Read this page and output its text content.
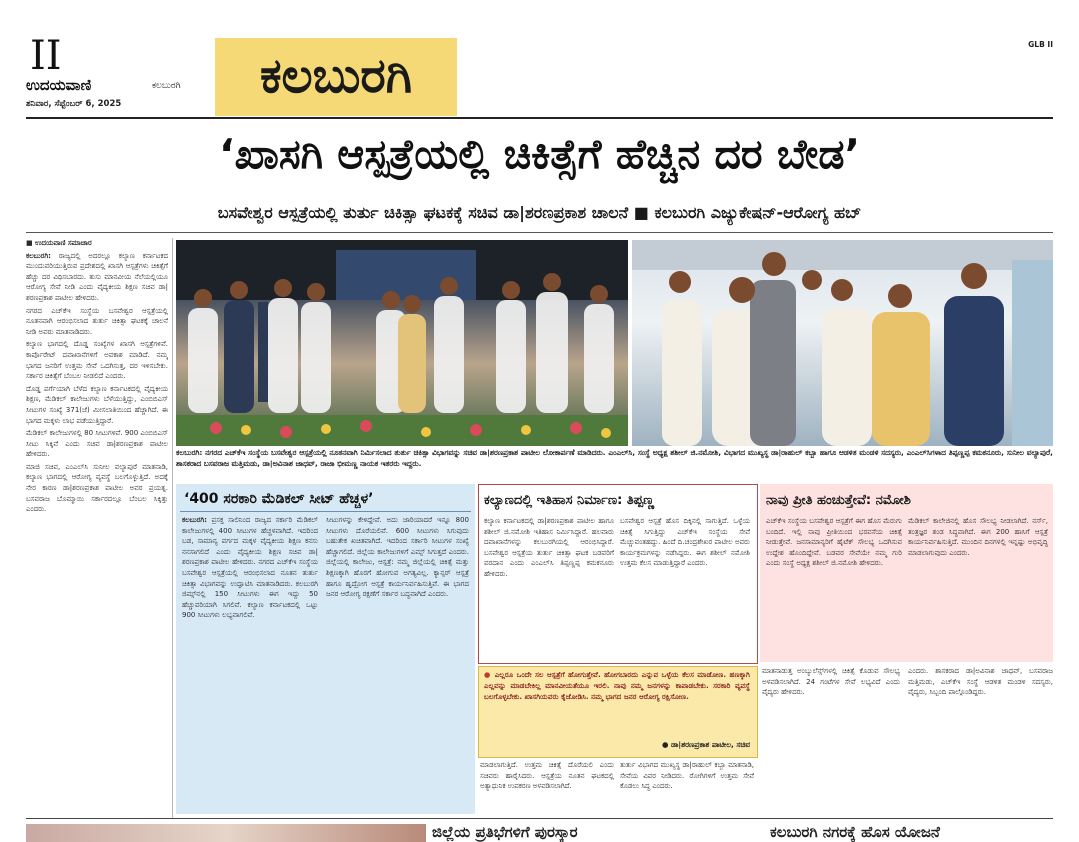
II
ಉದಯವಾಣಿ	ಕಲಬುರಗಿ
ಶನಿವಾರ, ಸೆಪ್ಟೆಂಬರ್ 6, 2025	ಕಲಬುರಗಿ
GLB II
‘ಖಾಸಗಿ ಆಸ್ಪತ್ರೆಯಲ್ಲಿ ಚಿಕಿತ್ಸೆಗೆ ಹೆಚ್ಚಿನ ದರ ಬೇಡ’
ಬಸವೇಶ್ವರ ಆಸ್ಪತ್ರೆಯಲ್ಲಿ ತುರ್ತು ಚಿಕಿತ್ಸಾ ಘಟಕಕ್ಕೆ ಸಚಿವ ಡಾ|ಶರಣಪ್ರಕಾಶ ಚಾಲನೆ ■ ಕಲಬುರಗಿ ಎಜ್ಯುಕೇಷನ್-ಆರೋಗ್ಯ ಹಬ್

■ ಉದಯವಾಣಿ ಸಮಾಚಾರ

ಕಲಬುರಗಿ: ರಾಜ್ಯದಲ್ಲಿ ಅದರಲ್ಲೂ ಕಲ್ಯಾಣ ಕರ್ನಾಟಕದ ಮುಂದುವರಿಯುತ್ತಿರುವ ಪ್ರದೇಶದಲ್ಲಿ ಖಾಸಗಿ ಆಸ್ಪತ್ರೆಗಳು ಚಿಕಿತ್ಸೆಗೆ ಹೆಚ್ಚು ದರ ವಿಧಿಸಬಾರದು. ತುಸು ಮಾನವೀಯ ನೆಲೆಯಲ್ಲಿಯೂ ಆರೋಗ್ಯ ಸೇವೆ ನೀಡಿ ಎಂದು ವೈದ್ಯಕೀಯ ಶಿಕ್ಷಣ ಸಚಿವ ಡಾ|ಶರಣಪ್ರಕಾಶ ಪಾಟೀಲ ಹೇಳಿದರು.

ನಗರದ ಎಚ್‌ಕೆಇ ಸಂಸ್ಥೆಯ ಬಸವೇಶ್ವರ ಆಸ್ಪತ್ರೆಯಲ್ಲಿ ನೂತನವಾಗಿ ಆರಂಭಿಸಲಾದ ತುರ್ತು ಚಿಕಿತ್ಸಾ ಘಟಕಕ್ಕೆ ಚಾಲನೆ ನೀಡಿ ಅವರು ಮಾತನಾಡಿದರು.

ಕಲ್ಯಾಣ ಭಾಗದಲ್ಲಿ ದೊಡ್ಡ ಸಂಖ್ಯೆಗಳ ಖಾಸಗಿ ಆಸ್ಪತ್ರೆಗಳಿವೆ. ಕಾರ್ಪೊರೇಟ್ ದವಾಖಾನೆಗಳಿಗೆ ಅವಕಾಶ ಮಾಡಿದೆ. ನಮ್ಮ ಭಾಗದ ಜನರಿಗೆ ಉತ್ತಮ ಸೇವೆ ಒದಗಿಸುತ್ತ, ದರ ಇಳಿಸಬೇಕು. ಸರ್ಕಾರ ಚಿಕಿತ್ಸೆಗೆ ಬೆಂಬಲ ನೀಡಲಿದೆ ಎಂದರು.

ದೊಡ್ಡ ಪರ್ಗೆಯಾಗಿ ಬೆಳೆದ ಕಲ್ಯಾಣ ಕರ್ನಾಟಕದಲ್ಲಿ ವೈದ್ಯಕೀಯ ಶಿಕ್ಷಣ, ಮೆಡಿಕಲ್ ಕಾಲೇಜುಗಳು ಬೆಳೆಯುತ್ತಿದ್ದು, ಎಂಬಿಬಿಎಸ್ ಸೀಟುಗಳ ಸಂಖ್ಯೆ 371(ಜೆ) ಮೀಸಲಾತಿಯಿಂದ ಹೆಚ್ಚಾಗಿದೆ. ಈ ಭಾಗದ ಮಕ್ಕಳು ಲಾಭ ಪಡೆಯುತ್ತಿದ್ದಾರೆ.

ಮೆಡಿಕಲ್ ಕಾಲೇಜುಗಳಲ್ಲಿ 80 ಸೀಟುಗಳಿವೆ. 900 ಎಂಬಿಬಿಎಸ್ ಸೀಟು ಸಿಕ್ಕಿವೆ ಎಂದು ಸಚಿವ ಡಾ|ಶರಣಪ್ರಕಾಶ ಪಾಟೀಲ ಹೇಳಿದರು.

ಮಾಜಿ ಸಚಿವ, ಎಂಎಲ್‌ಸಿ ಸುನೀಲ ವಲ್ಯಾಪುರೆ ಮಾತನಾಡಿ, ಕಲ್ಯಾಣ ಭಾಗದಲ್ಲಿ ಆರೋಗ್ಯ ವ್ಯವಸ್ಥೆ ಬಲಗೊಳ್ಳುತ್ತಿದೆ. ಅದಕ್ಕೆ ನೇರ ಕಾರಣ ಡಾ|ಶರಣಪ್ರಕಾಶ ಪಾಟೀಲ ಅವರ ಪ್ರಯತ್ನ. ಬಸವರಾಜ ಬೊಮ್ಮಾಯಿ ಸರ್ಕಾರದಲ್ಲೂ ಬೆಂಬಲ ಸಿಕ್ಕಿತ್ತು ಎಂದರು.

ಕಲಬುರಗಿ: ನಗರದ ಎಚ್‌ಕೆಇ ಸಂಸ್ಥೆಯ ಬಸವೇಶ್ವರ ಆಸ್ಪತ್ರೆಯಲ್ಲಿ ನೂತನವಾಗಿ ನಿರ್ಮಿಸಲಾದ ತುರ್ತು ಚಿಕಿತ್ಸಾ ವಿಭಾಗವನ್ನು ಸಚಿವ ಡಾ|ಶರಣಪ್ರಕಾಶ ಪಾಟೀಲ ಲೋಕಾರ್ಪಣೆ ಮಾಡಿದರು. ಎಂಎಲ್‌ಸಿ, ಸಂಸ್ಥೆ ಅಧ್ಯಕ್ಷ ಶಶೀಲ್ ಜಿ.ನಮೋಶಿ, ವಿಭಾಗದ ಮುಖ್ಯಸ್ಥ ಡಾ|ರಾಹುಲ್ ಕಬ್ಬಾ ಹಾಗೂ ಆಡಳಿತ ಮಂಡಳಿ ಸದಸ್ಯರು, ಎಂಎಲ್‌ಸಿಗಳಾದ ತಿಪ್ಪಣ್ಣಪ್ಪ ಕಮಕನೂರು, ಸುನೀಲ ವಲ್ಯಾಪುರೆ, ಶಾಸಕರಾದ ಬಸವರಾಜ ಮತ್ತಿಮಡು, ಡಾ|ಅವಿನಾಶ ಜಾಧವ್, ರಾಜಾ ಭೀಮಣ್ಣ ನಾಯಕ ಇತರರು ಇದ್ದರು.
‘400 ಸರಕಾರಿ ಮೆಡಿಕಲ್ ಸೀಟ್ ಹೆಚ್ಚಳ’
ಕಲಬುರಗಿ: ಪ್ರಸಕ್ತ ಸಾಲಿನಿಂದ ರಾಜ್ಯದ ಸರ್ಕಾರಿ ಮೆಡಿಕಲ್ ಕಾಲೇಜುಗಳಲ್ಲಿ 400 ಸೀಟುಗಳ ಹೆಚ್ಚಳವಾಗಿದೆ. ಇದರಿಂದ ಬಡ, ಸಾಮಾನ್ಯ ವರ್ಗದ ಮಕ್ಕಳ ವೈದ್ಯಕೀಯ ಶಿಕ್ಷಣ ಕನಸು ನನಸಾಗಲಿದೆ ಎಂದು ವೈದ್ಯಕೀಯ ಶಿಕ್ಷಣ ಸಚಿವ ಡಾ|ಶರಣಪ್ರಕಾಶ ಪಾಟೀಲ ಹೇಳಿದರು. ನಗರದ ಎಚ್‌ಕೆಇ ಸಂಸ್ಥೆಯ ಬಸವೇಶ್ವರ ಆಸ್ಪತ್ರೆಯಲ್ಲಿ ಆರಂಭಿಸಲಾದ ನೂತನ ತುರ್ತು ಚಿಕಿತ್ಸಾ ವಿಭಾಗವನ್ನು ಉದ್ಘಾಟಿಸಿ ಮಾತನಾಡಿದರು. ಕಲಬುರಗಿ ಜಿಮ್ಸ್‌ನಲ್ಲಿ 150 ಸೀಟುಗಳು ಈಗ ಇದ್ದು 50 ಹೆಚ್ಚುವರಿಯಾಗಿ ಸಿಗಲಿವೆ. ಕಲ್ಯಾಣ ಕರ್ನಾಟಕದಲ್ಲಿ ಒಟ್ಟು 900 ಸೀಟುಗಳು ಲಭ್ಯವಾಗಲಿವೆ.
ಸೀಟುಗಳನ್ನು ಕೇಳಿದ್ದೇವೆ. ಅದು ಜಾರಿಯಾದರೆ ಇನ್ನೂ 800 ಸೀಟುಗಳು ದೊರೆಯಲಿವೆ. 600 ಸೀಟುಗಳು ಸಿಗುವುದು ಬಹುತೇಕ ಖಚಿತವಾಗಿದೆ. ಇದರಿಂದ ಸರ್ಕಾರಿ ಸೀಟುಗಳ ಸಂಖ್ಯೆ ಹೆಚ್ಚಾಗಲಿದೆ. ಜಿಲ್ಲೆಯ ಕಾಲೇಜುಗಳಿಗೆ ಎಮ್ಸ್ ಸಿಗುತ್ತದೆ ಎಂದರು. ಜಿಲ್ಲೆಯಲ್ಲಿ ಕಾಲೇಜು, ಆಸ್ಪತ್ರೆ: ನಮ್ಮ ಜಿಲ್ಲೆಯಲ್ಲಿ ಚಿಕಿತ್ಸೆ ಮತ್ತು ಶಿಕ್ಷಣಕ್ಕಾಗಿ ಹೊರಗೆ ಹೋಗುವ ಅಗತ್ಯವಿಲ್ಲ. ಕ್ಯಾನ್ಸರ್ ಆಸ್ಪತ್ರೆ ಹಾಗೂ ಹೃದ್ರೋಗ ಆಸ್ಪತ್ರೆ ಕಾರ್ಯನಿರ್ವಹಿಸುತ್ತಿವೆ. ಈ ಭಾಗದ ಜನರ ಆರೋಗ್ಯ ರಕ್ಷಣೆಗೆ ಸರ್ಕಾರ ಬದ್ಧವಾಗಿದೆ ಎಂದರು.
ಕಲ್ಯಾಣದಲ್ಲಿ ಇತಿಹಾಸ ನಿರ್ಮಾಣ: ತಿಪ್ಪಣ್ಣ
ಕಲ್ಯಾಣ ಕರ್ನಾಟಕದಲ್ಲಿ ಡಾ|ಶರಣಪ್ರಕಾಶ ಪಾಟೀಲ ಹಾಗೂ ಶಶೀಲ್ ಜಿ.ನಮೋಶಿ ಇತಿಹಾಸ ನಿರ್ಮಿಸಿದ್ದಾರೆ. ಹಲವಾರು ದವಾಖಾನೆಗಳನ್ನು ಕಲಬುರಗಿಯಲ್ಲಿ ಆರಂಭಿಸಿದ್ದಾರೆ. ಬಸವೇಶ್ವರ ಆಸ್ಪತ್ರೆಯ ತುರ್ತು ಚಿಕಿತ್ಸಾ ಘಟಕ ಬಡವರಿಗೆ ವರದಾನ ಎಂದು ಎಂಎಲ್‌ಸಿ ತಿಪ್ಪಣ್ಣಪ್ಪ ಕಮಕನೂರು ಹೇಳಿದರು.
ಬಸವೇಶ್ವರ ಆಸ್ಪತ್ರೆ ಹೊಸ ದಿಕ್ಕಿನಲ್ಲಿ ಸಾಗುತ್ತಿದೆ. ಒಳ್ಳೆಯ ಚಿಕಿತ್ಸೆ ಸಿಗುತ್ತಿದ್ದು ಎಚ್‌ಕೆಇ ಸಂಸ್ಥೆಯ ಸೇವೆ ಮೆಚ್ಚುವಂತಹದ್ದು. ಹಿಂದೆ ದಿ.ಚಂದ್ರಶೇಖರ ಪಾಟೀಲ ಅವರು ಕಾರ್ಯಕ್ರಮಗಳನ್ನು ನಡೆಸಿದ್ದರು. ಈಗ ಶಶೀಲ್ ನಮೋಶಿ ಉತ್ತಮ ಕೆಲಸ ಮಾಡುತ್ತಿದ್ದಾರೆ ಎಂದರು.
ನಾವು ಪ್ರೀತಿ ಹಂಚುತ್ತೇವೆ: ನಮೋಶಿ
ಎಚ್‌ಕೆಇ ಸಂಸ್ಥೆಯ ಬಸವೇಶ್ವರ ಆಸ್ಪತ್ರೆಗೆ ಈಗ ಹೊಸ ಮೆರುಗು ಬಂದಿದೆ. ಇಲ್ಲಿ ನಾವು ಪ್ರೀತಿಯಿಂದ ಭರವಸೆಯ ಚಿಕಿತ್ಸೆ ನೀಡುತ್ತೇವೆ. ಜನಸಾಮಾನ್ಯರಿಗೆ ಹೈಟೆಕ್ ಸೌಲಭ್ಯ ಒದಗಿಸುವ ಉದ್ದೇಶ ಹೊಂದಿದ್ದೇವೆ. ಬಡವರ ಸೇವೆಯೇ ನಮ್ಮ ಗುರಿ ಎಂದು ಸಂಸ್ಥೆ ಅಧ್ಯಕ್ಷ ಶಶೀಲ್ ಜಿ.ನಮೋಶಿ ಹೇಳಿದರು.
ಮೆಡಿಕಲ್ ಕಾಲೇಜಿನಲ್ಲಿ ಹೊಸ ಸೌಲಭ್ಯ ನೀಡಲಾಗಿದೆ. ನರ್ಸ್, ತಂತ್ರಜ್ಞರ ತಂಡ ಸಿದ್ಧವಾಗಿದೆ. ಈಗ 200 ಹಾಸಿಗೆ ಆಸ್ಪತ್ರೆ ಕಾರ್ಯನಿರ್ವಹಿಸುತ್ತಿದೆ. ಮುಂದಿನ ದಿನಗಳಲ್ಲಿ ಇನ್ನಷ್ಟು ಅಭಿವೃದ್ಧಿ ಮಾಡಲಾಗುವುದು ಎಂದರು.
● ಎಲ್ಲರೂ ಒಂದೇ ಸಲ ಆಸ್ಪತ್ರೆಗೆ ಹೋಗುತ್ತೇವೆ. ಹೋಗಬಾರದು ಎನ್ನುವ ಒಳ್ಳೆಯ ಕೆಲಸ ಮಾಡೋಣ. ಹಣಕ್ಕಾಗಿ ಎಲ್ಲವನ್ನು ಮಾಡಬೇಕಿಲ್ಲ ಮಾನವೀಯತೆಯೂ ಇರಲಿ. ನಾವು ನಮ್ಮ ಜನಗಳನ್ನು ಕಾಪಾಡಬೇಕು. ಸರಕಾರಿ ವ್ಯವಸ್ಥೆ ಬಲಗೊಳ್ಳಬೇಕು. ಖಾಸಗಿಯವರು ಕೈಜೋಡಿಸಿ. ನಮ್ಮ ಭಾಗದ ಜನರ ಆರೋಗ್ಯ ರಕ್ಷಿಸೋಣ.
● ಡಾ|ಶರಣಪ್ರಕಾಶ ಪಾಟೀಲ, ಸಚಿವ
ಮಾಡಲಾಗುತ್ತಿದೆ. ಉತ್ತಮ ಚಿಕಿತ್ಸೆ ದೊರೆಯಲಿ ಎಂದು ಸಚಿವರು ಹಾರೈಸಿದರು. ಆಸ್ಪತ್ರೆಯ ನೂತನ ಘಟಕದಲ್ಲಿ ಅತ್ಯಾಧುನಿಕ ಉಪಕರಣ ಅಳವಡಿಸಲಾಗಿದೆ.
ತುರ್ತು ವಿಭಾಗದ ಮುಖ್ಯಸ್ಥ ಡಾ|ರಾಹುಲ್ ಕಬ್ಬಾ ಮಾತನಾಡಿ, ಸೇವೆಯ ವಿವರ ನೀಡಿದರು. ರೋಗಿಗಳಿಗೆ ಉತ್ತಮ ಸೇವೆ ಕೊಡಲು ಸಿದ್ಧ ಎಂದರು.
ಮಾತನಾಡುತ್ತ ಅಂಬ್ಯುಲೆನ್ಸ್‌ಗಳಲ್ಲಿ ಚಿಕಿತ್ಸೆ ಕೊಡುವ ಸೌಲಭ್ಯ ಅಳವಡಿಸಲಾಗಿದೆ. 24 ಗಂಟೆಗಳ ಸೇವೆ ಲಭ್ಯವಿದೆ ಎಂದು ವೈದ್ಯರು ಹೇಳಿದರು.
ಎಂದರು. ಶಾಸಕರಾದ ಡಾ|ಅವಿನಾಶ ಜಾಧವ್, ಬಸವರಾಜ ಮತ್ತಿಮಡು, ಎಚ್‌ಕೆಇ ಸಂಸ್ಥೆ ಆಡಳಿತ ಮಂಡಳಿ ಸದಸ್ಯರು, ವೈದ್ಯರು, ಸಿಬ್ಬಂದಿ ಪಾಲ್ಗೊಂಡಿದ್ದರು.
ಜಿಲ್ಲೆಯ ಪ್ರತಿಭೆಗಳಿಗೆ ಪುರಸ್ಕಾರ	ಕಲಬುರಗಿ ನಗರಕ್ಕೆ ಹೊಸ ಯೋಜನೆ
